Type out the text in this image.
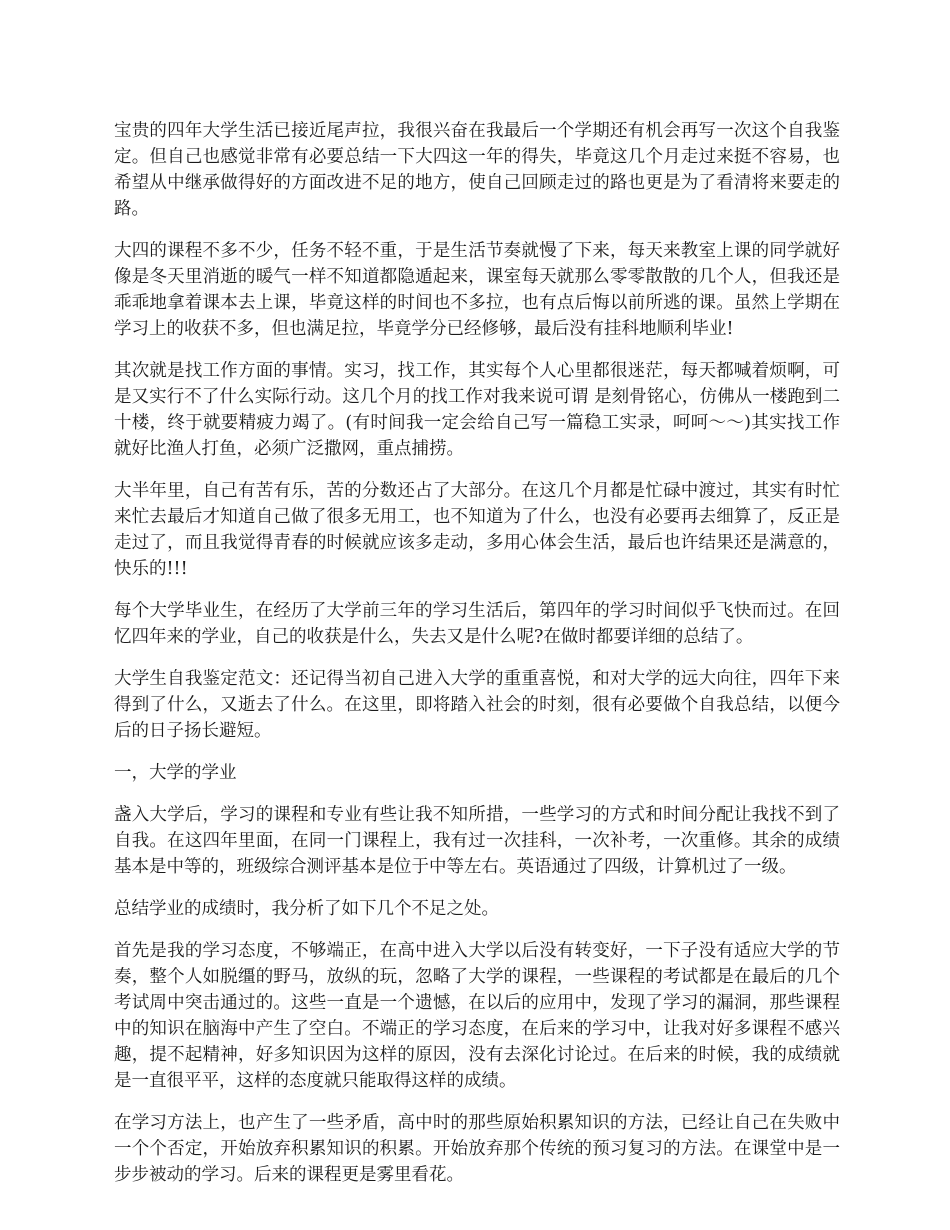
宝贵的四年大学生活已接近尾声拉，我很兴奋在我最后一个学期还有机会再写一次这个自我鉴定。但自己也感觉非常有必要总结一下大四这一年的得失，毕竟这几个月走过来挺不容易，也希望从中继承做得好的方面改进不足的地方，使自己回顾走过的路也更是为了看清将来要走的路。

大四的课程不多不少，任务不轻不重，于是生活节奏就慢了下来，每天来教室上课的同学就好像是冬天里消逝的暖气一样不知道都隐遁起来，课室每天就那么零零散散的几个人，但我还是乖乖地拿着课本去上课，毕竟这样的时间也不多拉，也有点后悔以前所逃的课。虽然上学期在学习上的收获不多，但也满足拉，毕竟学分已经修够，最后没有挂科地顺利毕业!

其次就是找工作方面的事情。实习，找工作，其实每个人心里都很迷茫，每天都喊着烦啊，可是又实行不了什么实际行动。这几个月的找工作对我来说可谓 是刻骨铭心，仿佛从一楼跑到二十楼，终于就要精疲力竭了。(有时间我一定会给自己写一篇稳工实录，呵呵～～)其实找工作就好比渔人打鱼，必须广泛撒网，重点捕捞。

大半年里，自己有苦有乐，苦的分数还占了大部分。在这几个月都是忙碌中渡过，其实有时忙来忙去最后才知道自己做了很多无用工，也不知道为了什么，也没有必要再去细算了，反正是走过了，而且我觉得青春的时候就应该多走动，多用心体会生活，最后也许结果还是满意的，快乐的!!!

每个大学毕业生，在经历了大学前三年的学习生活后，第四年的学习时间似乎飞快而过。在回忆四年来的学业，自己的收获是什么，失去又是什么呢?在做时都要详细的总结了。

大学生自我鉴定范文：还记得当初自己进入大学的重重喜悦，和对大学的远大向往，四年下来得到了什么，又逝去了什么。在这里，即将踏入社会的时刻，很有必要做个自我总结，以便今后的日子扬长避短。

一，大学的学业

盏入大学后，学习的课程和专业有些让我不知所措，一些学习的方式和时间分配让我找不到了自我。在这四年里面，在同一门课程上，我有过一次挂科，一次补考，一次重修。其余的成绩基本是中等的，班级综合测评基本是位于中等左右。英语通过了四级，计算机过了一级。

总结学业的成绩时，我分析了如下几个不足之处。

首先是我的学习态度，不够端正，在高中进入大学以后没有转变好，一下子没有适应大学的节奏，整个人如脱缰的野马，放纵的玩，忽略了大学的课程，一些课程的考试都是在最后的几个考试周中突击通过的。这些一直是一个遗憾，在以后的应用中，发现了学习的漏洞，那些课程中的知识在脑海中产生了空白。不端正的学习态度，在后来的学习中，让我对好多课程不感兴趣，提不起精神，好多知识因为这样的原因，没有去深化讨论过。在后来的时候，我的成绩就是一直很平平，这样的态度就只能取得这样的成绩。

在学习方法上，也产生了一些矛盾，高中时的那些原始积累知识的方法，已经让自己在失败中一个个否定，开始放弃积累知识的积累。开始放弃那个传统的预习复习的方法。在课堂中是一步步被动的学习。后来的课程更是雾里看花。
